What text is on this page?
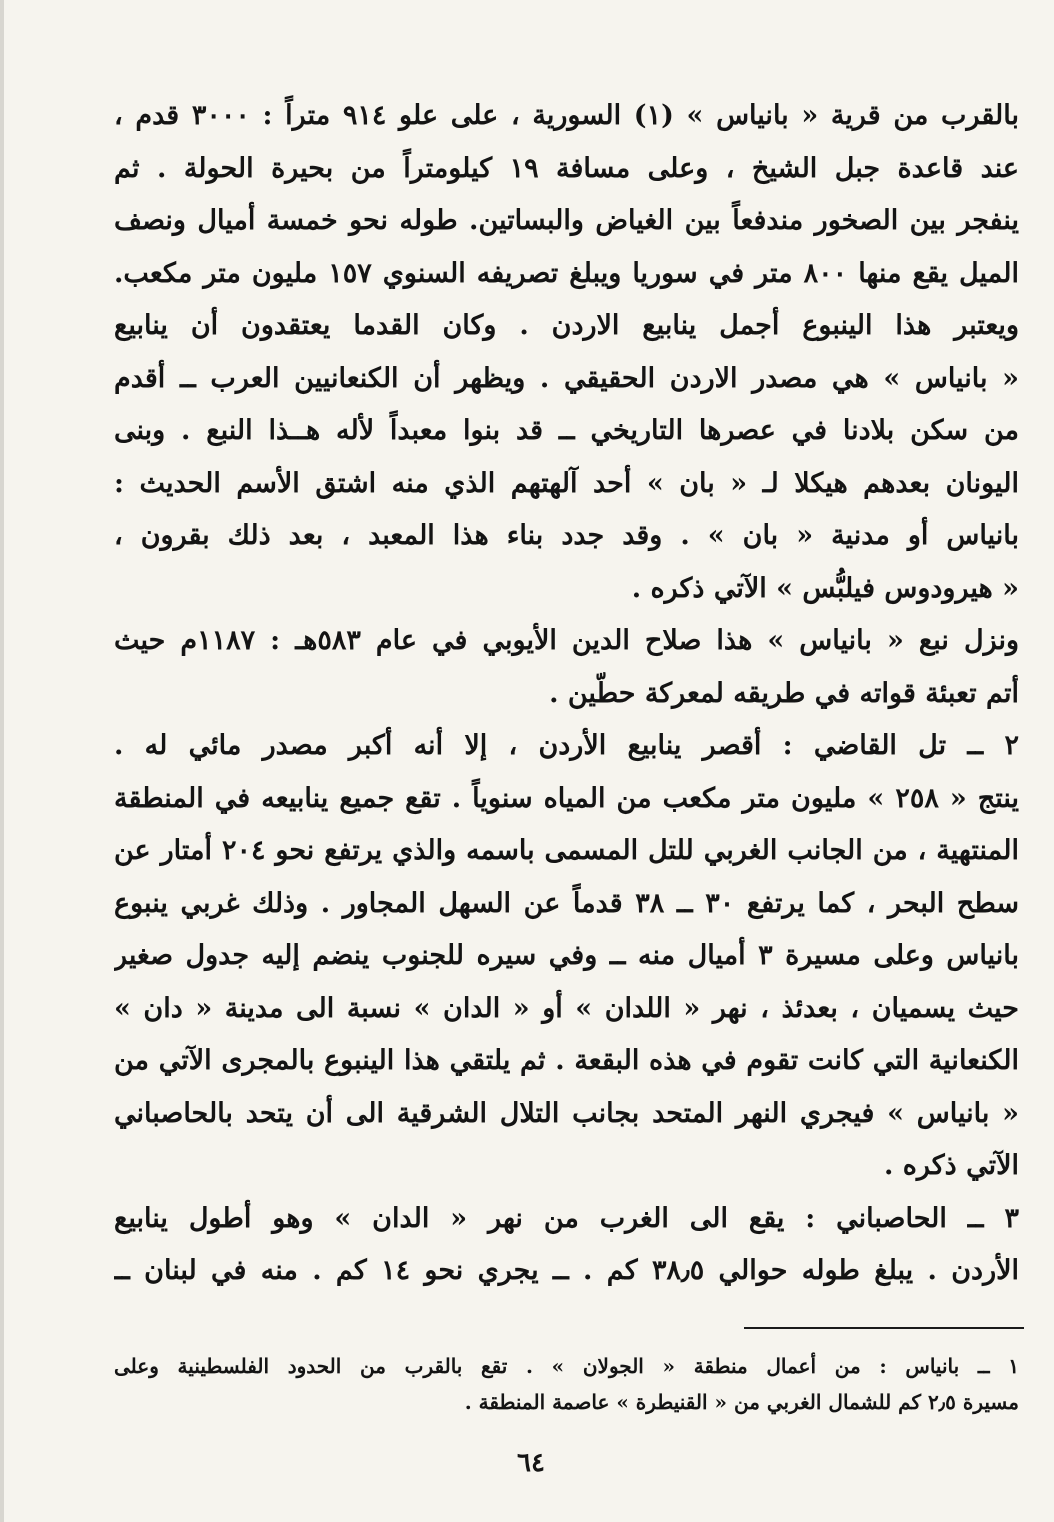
بالقرب من قرية « بانياس » (١) السورية ، على علو ٩١٤ متراً : ٣٠٠٠ قدم ،
عند قاعدة جبل الشيخ ، وعلى مسافة ١٩ كيلومتراً من بحيرة الحولة . ثم
ينفجر بين الصخور مندفعاً بين الغياض والبساتين. طوله نحو خمسة أميال ونصف
الميل يقع منها ٨٠٠ متر في سوريا ويبلغ تصريفه السنوي ١٥٧ مليون متر مكعب.
ويعتبر هذا الينبوع أجمل ينابيع الاردن . وكان القدما يعتقدون أن ينابيع
« بانياس » هي مصدر الاردن الحقيقي . ويظهر أن الكنعانيين العرب ــ أقدم
من سكن بلادنا في عصرها التاريخي ــ قد بنوا معبداً لأله هــذا النبع . وبنى
اليونان بعدهم هيكلا لـ « بان » أحد آلهتهم الذي منه اشتق الأسم الحديث :
بانياس أو مدنية « بان » . وقد جدد بناء هذا المعبد ، بعد ذلك بقرون ،
« هيرودوس فيلبُّس » الآتي ذكره .
ونزل نبع « بانياس » هذا صلاح الدين الأيوبي في عام ٥٨٣هـ : ١١٨٧م حيث
أتم تعبئة قواته في طريقه لمعركة حطّين .
٢ ــ تل القاضي : أقصر ينابيع الأردن ، إلا أنه أكبر مصدر مائي له .
ينتج « ٢٥٨ » مليون متر مكعب من المياه سنوياً . تقع جميع ينابيعه في المنطقة
المنتهية ، من الجانب الغربي للتل المسمى باسمه والذي يرتفع نحو ٢٠٤ أمتار عن
سطح البحر ، كما يرتفع ٣٠ ــ ٣٨ قدماً عن السهل المجاور . وذلك غربي ينبوع
بانياس وعلى مسيرة ٣ أميال منه ــ وفي سيره للجنوب ينضم إليه جدول صغير
حيث يسميان ، بعدئذ ، نهر « اللدان » أو « الدان » نسبة الى مدينة « دان »
الكنعانية التي كانت تقوم في هذه البقعة . ثم يلتقي هذا الينبوع بالمجرى الآتي من
« بانياس » فيجري النهر المتحد بجانب التلال الشرقية الى أن يتحد بالحاصباني
الآتي ذكره .
٣ ــ الحاصباني : يقع الى الغرب من نهر « الدان » وهو أطول ينابيع
الأردن . يبلغ طوله حوالي ٣٨٫٥ كم . ــ يجري نحو ١٤ كم . منه في لبنان ــ
١ ــ بانياس : من أعمال منطقة « الجولان » . تقع بالقرب من الحدود الفلسطينية وعلى
مسيرة ٢٫٥ كم للشمال الغربي من « القنيطرة » عاصمة المنطقة .
٦٤
